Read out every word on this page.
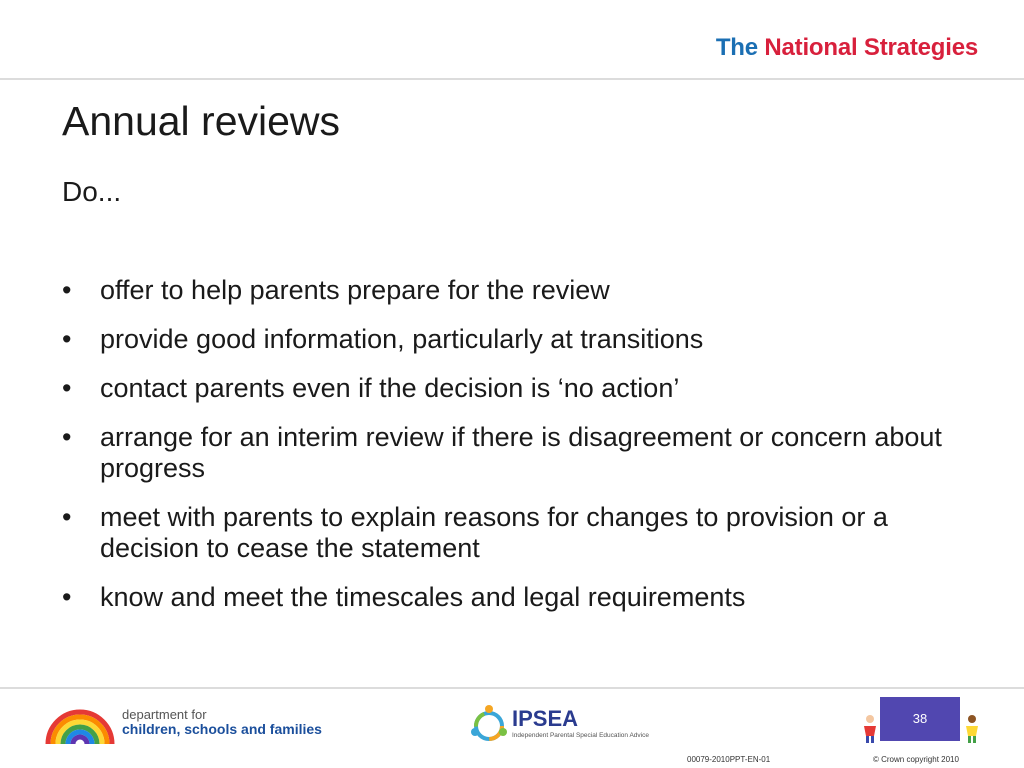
The National Strategies
Annual reviews
Do...
• offer to help parents prepare for the review
• provide good information, particularly at transitions
• contact parents even if the decision is ‘no action’
• arrange for an interim review if there is disagreement or concern about progress
• meet with parents to explain reasons for changes to provision or a decision to cease the statement
• know and meet the timescales and legal requirements
department for
children, schools and families	IPSEA
Independent Parental Special Education Advice
38
00079-2010PPT-EN-01	© Crown copyright 2010
